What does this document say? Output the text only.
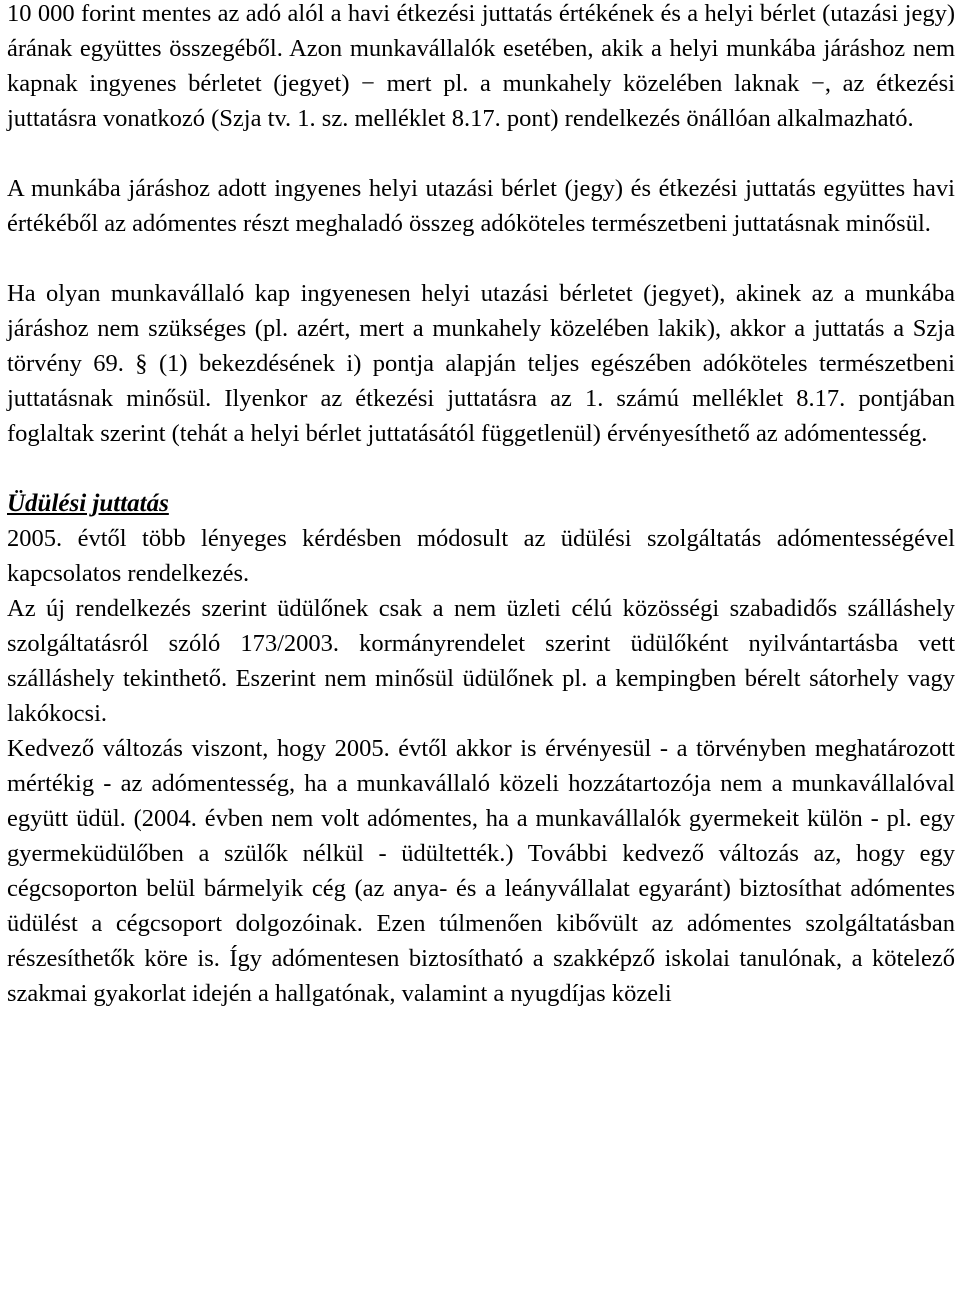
10 000 forint mentes az adó alól a havi étkezési juttatás értékének és a helyi bérlet (utazási jegy) árának együttes összegéből. Azon munkavállalók esetében, akik a helyi munkába járáshoz nem kapnak ingyenes bérletet (jegyet) − mert pl. a munkahely közelében laknak −, az étkezési juttatásra vonatkozó (Szja tv. 1. sz. melléklet 8.17. pont) rendelkezés önállóan alkalmazható.

A munkába járáshoz adott ingyenes helyi utazási bérlet (jegy) és étkezési juttatás együttes havi értékéből az adómentes részt meghaladó összeg adóköteles természetbeni juttatásnak minősül.

Ha olyan munkavállaló kap ingyenesen helyi utazási bérletet (jegyet), akinek az a munkába járáshoz nem szükséges (pl. azért, mert a munkahely közelében lakik), akkor a juttatás a Szja törvény 69. § (1) bekezdésének i) pontja alapján teljes egészében adóköteles természetbeni juttatásnak minősül. Ilyenkor az étkezési juttatásra az 1. számú melléklet 8.17. pontjában foglaltak szerint (tehát a helyi bérlet juttatásától függetlenül) érvényesíthető az adómentesség.

Üdülési juttatás

2005. évtől több lényeges kérdésben módosult az üdülési szolgáltatás adómentességével kapcsolatos rendelkezés.

Az új rendelkezés szerint üdülőnek csak a nem üzleti célú közösségi szabadidős szálláshely szolgáltatásról szóló 173/2003. kormányrendelet szerint üdülőként nyilvántartásba vett szálláshely tekinthető. Eszerint nem minősül üdülőnek pl. a kempingben bérelt sátorhely vagy lakókocsi.

Kedvező változás viszont, hogy 2005. évtől akkor is érvényesül - a törvényben meghatározott mértékig - az adómentesség, ha a munkavállaló közeli hozzátartozója nem a munkavállalóval együtt üdül. (2004. évben nem volt adómentes, ha a munkavállalók gyermekeit külön - pl. egy gyermeküdülőben a szülők nélkül - üdültették.) További kedvező változás az, hogy egy cégcsoporton belül bármelyik cég (az anya- és a leányvállalat egyaránt) biztosíthat adómentes üdülést a cégcsoport dolgozóinak. Ezen túlmenően kibővült az adómentes szolgáltatásban részesíthetők köre is. Így adómentesen biztosítható a szakképző iskolai tanulónak, a kötelező szakmai gyakorlat idején a hallgatónak, valamint a nyugdíjas közeli
